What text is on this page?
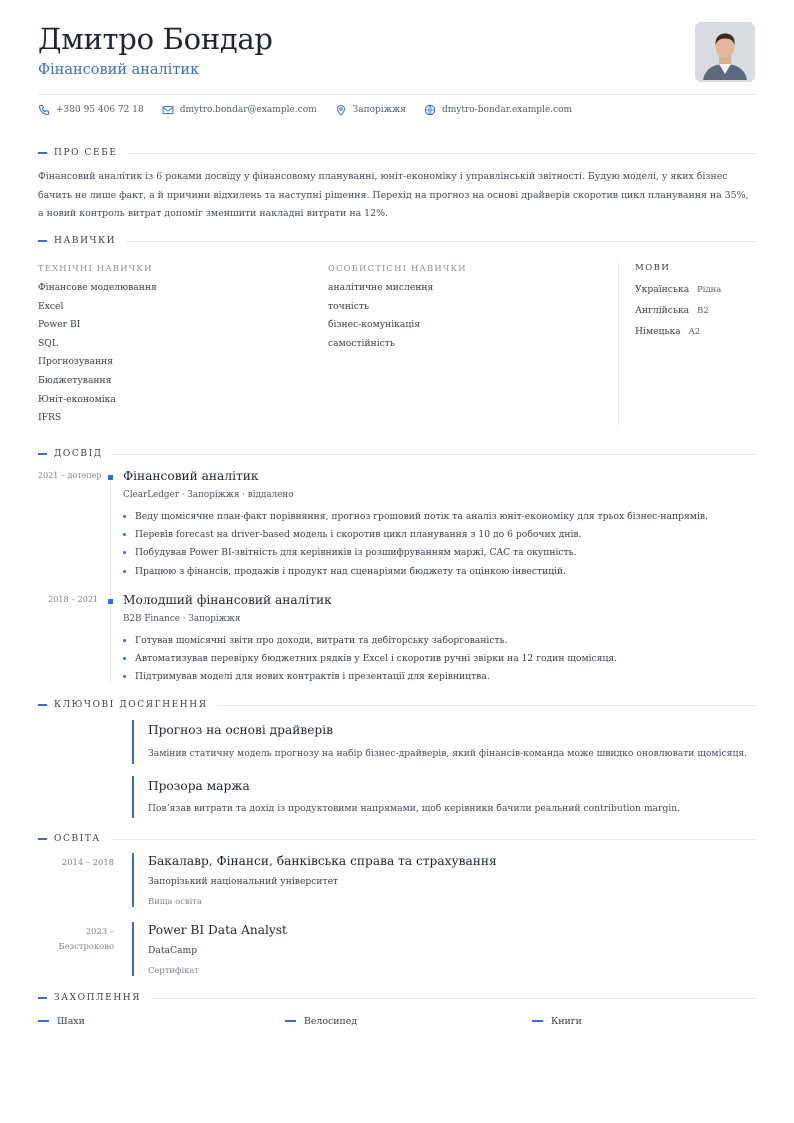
Дмитро Бондар
Фінансовий аналітик
+380 95 406 72 18	dmytro.bondar@example.com	Запоріжжя	dmytro-bondar.example.com
ПРО СЕБЕ

Фінансовий аналітик із 6 роками досвіду у фінансовому плануванні, юніт-економіку і управлінській звітності. Будую моделі, у яких бізнес бачить не лише факт, а й причини відхилень та наступні рішення. Перехід на прогноз на основі драйверів скоротив цикл планування на 35%, а новий контроль витрат допоміг зменшити накладні витрати на 12%.

НАВИЧКИ
ТЕХНІЧНІ НАВИЧКИ
Фінансове моделювання
Excel
Power BI
SQL
Прогнозування
Бюджетування
Юніт-економіка
IFRS
ОСОБИСТІСНІ НАВИЧКИ
аналітичне мислення
точність
бізнес-комунікація
самостійність
МОВИ
Українська Рідна
Англійська B2
Німецька A2
ДОСВІД
2021 – дотепер Фінансовий аналітик
ClearLedger · Запоріжжя · віддалено
Веду щомісячне план-факт порівняння, прогноз грошовий потік та аналіз юніт-економіку для трьох бізнес-напрямів.
Перевів forecast на driver-based модель і скоротив цикл планування з 10 до 6 робочих днів.
Побудував Power BI-звітність для керівників із розшифруванням маржі, CAC та окупність.
Працюю з фінансів, продажів і продукт над сценаріями бюджету та оцінкою інвестицій.
2018 – 2021 Молодший фінансовий аналітик
B2B Finance · Запоріжжя
Готував щомісячні звіти про доходи, витрати та дебіторську заборгованість.
Автоматизував перевірку бюджетних рядків у Excel і скоротив ручні звірки на 12 годин щомісяця.
Підтримував моделі для нових контрактів і презентації для керівництва.
КЛЮЧОВІ ДОСЯГНЕННЯ
Прогноз на основі драйверів
Замінив статичну модель прогнозу на набір бізнес-драйверів, який фінансів-команда може швидко оновлювати щомісяця.
Прозора маржа
Пов’язав витрати та дохід із продуктовими напрямами, щоб керівники бачили реальний contribution margin.
ОСВІТА
2014 – 2018	Бакалавр, Фінанси, банківська справа та страхування
Запорізький національний університет
Вища освіта
2023 –
Безстроково
Power BI Data Analyst
DataCamp
Сертифікат
ЗАХОПЛЕННЯ
Шахи	Велосипед	Книги
